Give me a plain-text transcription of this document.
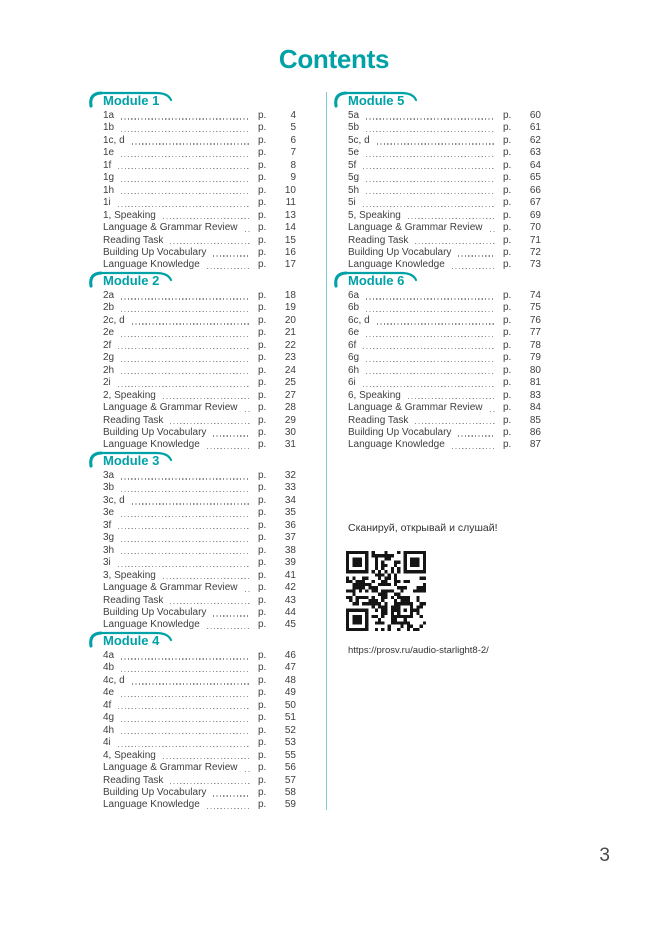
Contents
Module 1
1a	p.	4
1b	p.	5
1c, d	p.	6
1e	p.	7
1f	p.	8
1g	p.	9
1h	p.	10
1i	p.	11
1, Speaking	p.	13
Language & Grammar Review p.	14
Reading Task	p.	15
Building Up Vocabulary	p.	16
Language Knowledge	p.	17
Module 2
2a	p.	18
2b	p.	19
2c, d	p.	20
2e	p.	21
2f	p.	22
2g	p.	23
2h	p.	24
2i	p.	25
2, Speaking	p.	27
Language & Grammar Review p.	28
Reading Task	p.	29
Building Up Vocabulary	p.	30
Language Knowledge	p.	31
Module 3
3a	p.	32
3b	p.	33
3c, d	p.	34
3e	p.	35
3f	p.	36
3g	p.	37
3h	p.	38
3i	p.	39
3, Speaking	p.	41
Language & Grammar Review p.	42
Reading Task	p.	43
Building Up Vocabulary	p.	44
Language Knowledge	p.	45
Module 4
4a	p.	46
4b	p.	47
4c, d	p.	48
4e	p.	49
4f	p.	50
4g	p.	51
4h	p.	52
4i	p.	53
4, Speaking	p.	55
Language & Grammar Review p.	56
Reading Task	p.	57
Building Up Vocabulary	p.	58
Language Knowledge	p.	59
Module 5
5a	p.	60
5b	p.	61
5c, d	p.	62
5e	p.	63
5f	p.	64
5g	p.	65
5h	p.	66
5i	p.	67
5, Speaking	p.	69
Language & Grammar Review p.	70
Reading Task	p.	71
Building Up Vocabulary	p.	72
Language Knowledge	p.	73
Module 6
6a	p.	74
6b	p.	75
6c, d	p.	76
6e	p.	77
6f	p.	78
6g	p.	79
6h	p.	80
6i	p.	81
6, Speaking	p.	83
Language & Grammar Review p.	84
Reading Task	p.	85
Building Up Vocabulary	p.	86
Language Knowledge	p.	87
Сканируй, открывай и слушай!
https://prosv.ru/audio-starlight8-2/
3
